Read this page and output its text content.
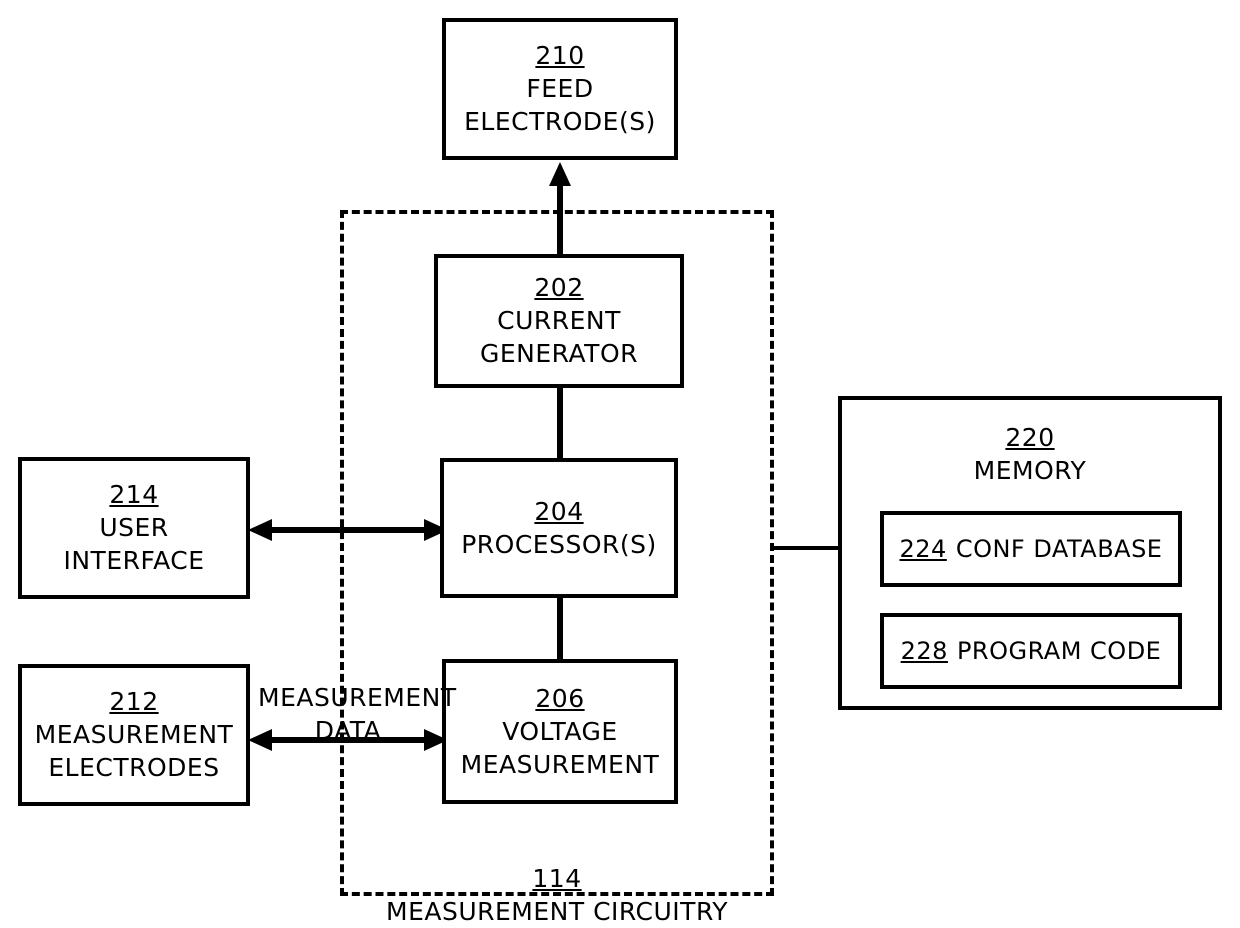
210
FEED
ELECTRODE(S)
202
CURRENT
GENERATOR
204
PROCESSOR(S)
206
VOLTAGE
MEASUREMENT
214
USER
INTERFACE
212
MEASUREMENT
ELECTRODES
220
MEMORY
224 CONF DATABASE
228 PROGRAM CODE

MEASUREMENT
DATA

114
MEASUREMENT CIRCUITRY
